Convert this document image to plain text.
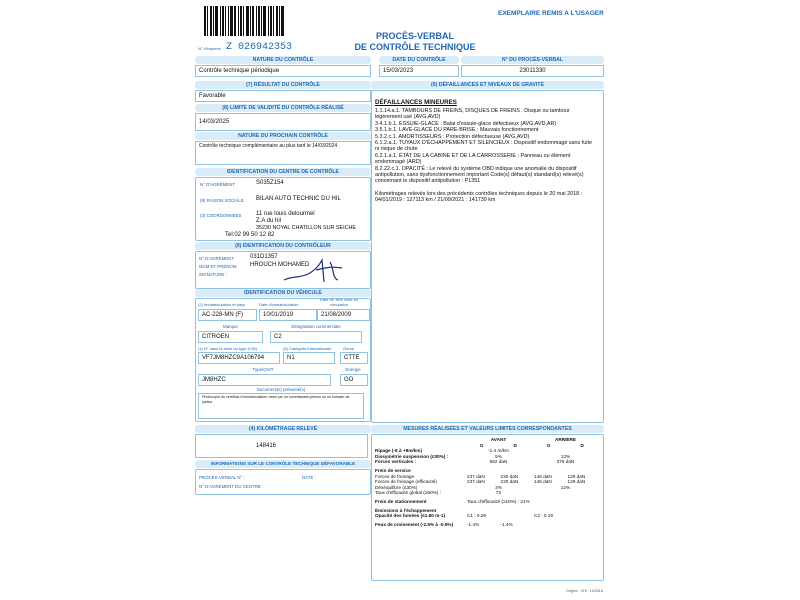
N° d'imprimé Z 026942353
EXEMPLAIRE REMIS A L'USAGER
PROCÈS-VERBAL
DE CONTRÔLE TECHNIQUE
NATURE DU CONTRÔLE
Contrôle technique périodique
DATE DU CONTRÔLE
15/03/2023
N° DU PROCÈS-VERBAL
23011330
(7) RÉSULTAT DU CONTRÔLE
Favorable
(8) LIMITE DE VALIDITÉ DU CONTRÔLE RÉALISÉ
14/03/2025
NATURE DU PROCHAIN CONTRÔLE
Contrôle technique complémentaire au plus tard le 14/03/2024
IDENTIFICATION DU CENTRE DE CONTRÔLE
N° D'AGRÉMENT	S035Z154
(9) RAISON SOCIALE BILAN AUTO TECHNIC DU HIL
(3) COORDONNÉES 11 rue louis delourmel
Z.A du hil
35230 NOYAL CHATILLON SUR SEICHE
Tel:02 99 50 12 82
(9) IDENTIFICATION DU CONTRÔLEUR
N° D'AGRÉMENT	031D1357
NOM ET PRÉNOM HROUCH MOHAMED
SIGNATURE :
IDENTIFICATION DU VÉHICULE
(2) Immatriculation et pays	Date d'immatriculation
Date de 1ère mise en circulation
AC-228-MN (F)	10/01/2019	21/08/2009
Marque	Désignation commerciale
CITROEN	C2
(1) N° dans la série du type (VIN)	(5) Catégorie internationale	Genre
VF7JM8HZC9A106794	N1	CTTE
Type/CNIT	Énergie
JM8HZC	GO
Document(s) présenté(s)
Photocopie du certificat d'immatriculation visée par un commissaire-priseur ou un huissier de justice
(4) KILOMÉTRAGE RELEVÉ
148416
INFORMATIONS SUR LE CONTRÔLE TECHNIQUE DÉFAVORABLE
PROCÈS-VERBAL N° :	DATE :
N° D'AGRÉMENT DU CENTRE :
(6) DÉFAILLANCES ET NIVEAUX DE GRAVITÉ
DÉFAILLANCES MINEURES
1.1.14.a.1. TAMBOURS DE FREINS, DISQUES DE FREINS : Disque ou tambour légèrement usé (AVG,AVD)
3.4.1.b.1. ESSUIE-GLACE : Balai d'essuie-glace défectueux (AVG,AVD,AR)
3.5.1.b.1. LAVE-GLACE DU PARE-BRISE : Mauvais fonctionnement
5.3.2.c.1. AMORTISSEURS : Protection défectueuse (AVG,AVD)
6.1.2.a.1. TUYAUX D'ÉCHAPPEMENT ET SILENCIEUX : Dispositif endommagé sans fuite ni risque de chute
6.2.1.a.1. ÉTAT DE LA CABINE ET DE LA CARROSSERIE : Panneau ou élément endommagé (ARD)
8.2.22.c.1. OPACITÉ : Le relevé du système OBD indique une anomalie du dispositif antipollution, sans dysfonctionnement important Code(s) défaut(s) standard(s) relevé(s) concernant le dispositif antipollution : P1351
Kilométrages relevés lors des précédents contrôles techniques depuis le 20 mai 2018 : 04/01/2019 : 127113 km / 21/09/2021 : 141739 km
MESURES RÉALISÉES ET VALEURS LIMITES CORRESPONDANTES
	AVANT		ARRIÈRE	
	G	D	G	D
Ripage (-8 à +8m/km)	-1.4 m/km			
Dissymétrie suspension (≤30%) :	5%		13%	
Forces verticales :	652 daN		376 daN	
Frein de service				
Forces de freinage	237 daN	230 daN	146 daN	129 daN
Forces de freinage (efficacité)	237 daN	230 daN	146 daN	129 daN
Déséquilibre (≤30%)	3%		12%	
Taux d'efficacité global (≥50%) :	72			
Frein de stationnement	Taux d'efficacité (≥18%) : 21%			
Émissions à l'échappement				
Opacité des fumées (≤1.80 m-1)	C1 : 0.29		C2 : 0.19	
Feux de croisement (-2.5% à -0.5%)	-1.4%	-1.4%		
Origine : VHI · 10/2018
